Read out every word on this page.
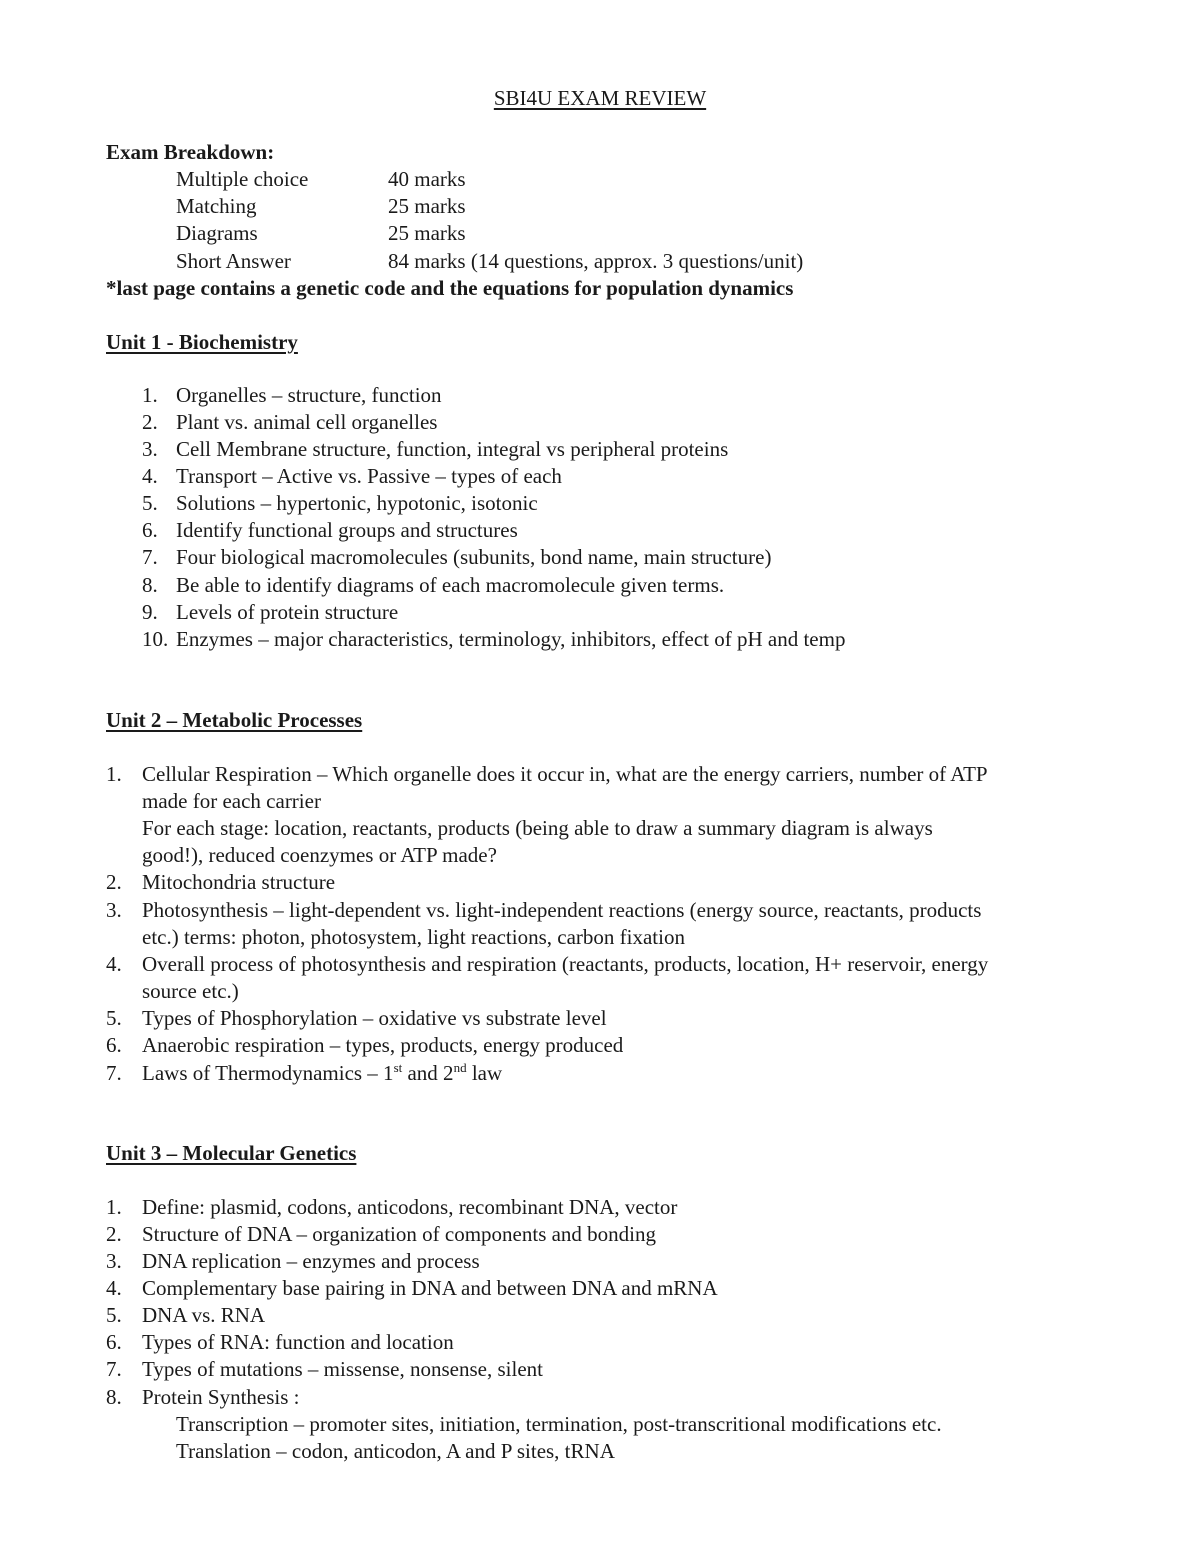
SBI4U EXAM REVIEW
Exam Breakdown:
Multiple choice	40 marks
Matching	25 marks
Diagrams	25 marks
Short Answer	84 marks (14 questions, approx. 3 questions/unit)
*last page contains a genetic code and the equations for population dynamics
Unit 1 - Biochemistry
1. Organelles – structure, function
2. Plant vs. animal cell organelles
3. Cell Membrane structure, function, integral vs peripheral proteins
4. Transport – Active vs. Passive – types of each
5. Solutions – hypertonic, hypotonic, isotonic
6. Identify functional groups and structures
7. Four biological macromolecules (subunits, bond name, main structure)
8. Be able to identify diagrams of each macromolecule given terms.
9. Levels of protein structure
10. Enzymes – major characteristics, terminology, inhibitors, effect of pH and temp
Unit 2 – Metabolic Processes
1. Cellular Respiration – Which organelle does it occur in, what are the energy carriers, number of ATP
made for each carrier
For each stage: location, reactants, products (being able to draw a summary diagram is always
good!), reduced coenzymes or ATP made?
2. Mitochondria structure
3. Photosynthesis – light-dependent vs. light-independent reactions (energy source, reactants, products
etc.) terms: photon, photosystem, light reactions, carbon fixation
4. Overall process of photosynthesis and respiration (reactants, products, location, H+ reservoir, energy
source etc.)
5. Types of Phosphorylation – oxidative vs substrate level
6. Anaerobic respiration – types, products, energy produced
7. Laws of Thermodynamics – 1st and 2nd law
Unit 3 – Molecular Genetics
1. Define: plasmid, codons, anticodons, recombinant DNA, vector
2. Structure of DNA – organization of components and bonding
3. DNA replication – enzymes and process
4. Complementary base pairing in DNA and between DNA and mRNA
5. DNA vs. RNA
6. Types of RNA: function and location
7. Types of mutations – missense, nonsense, silent
8. Protein Synthesis :
Transcription – promoter sites, initiation, termination, post-transcritional modifications etc.
Translation – codon, anticodon, A and P sites, tRNA
